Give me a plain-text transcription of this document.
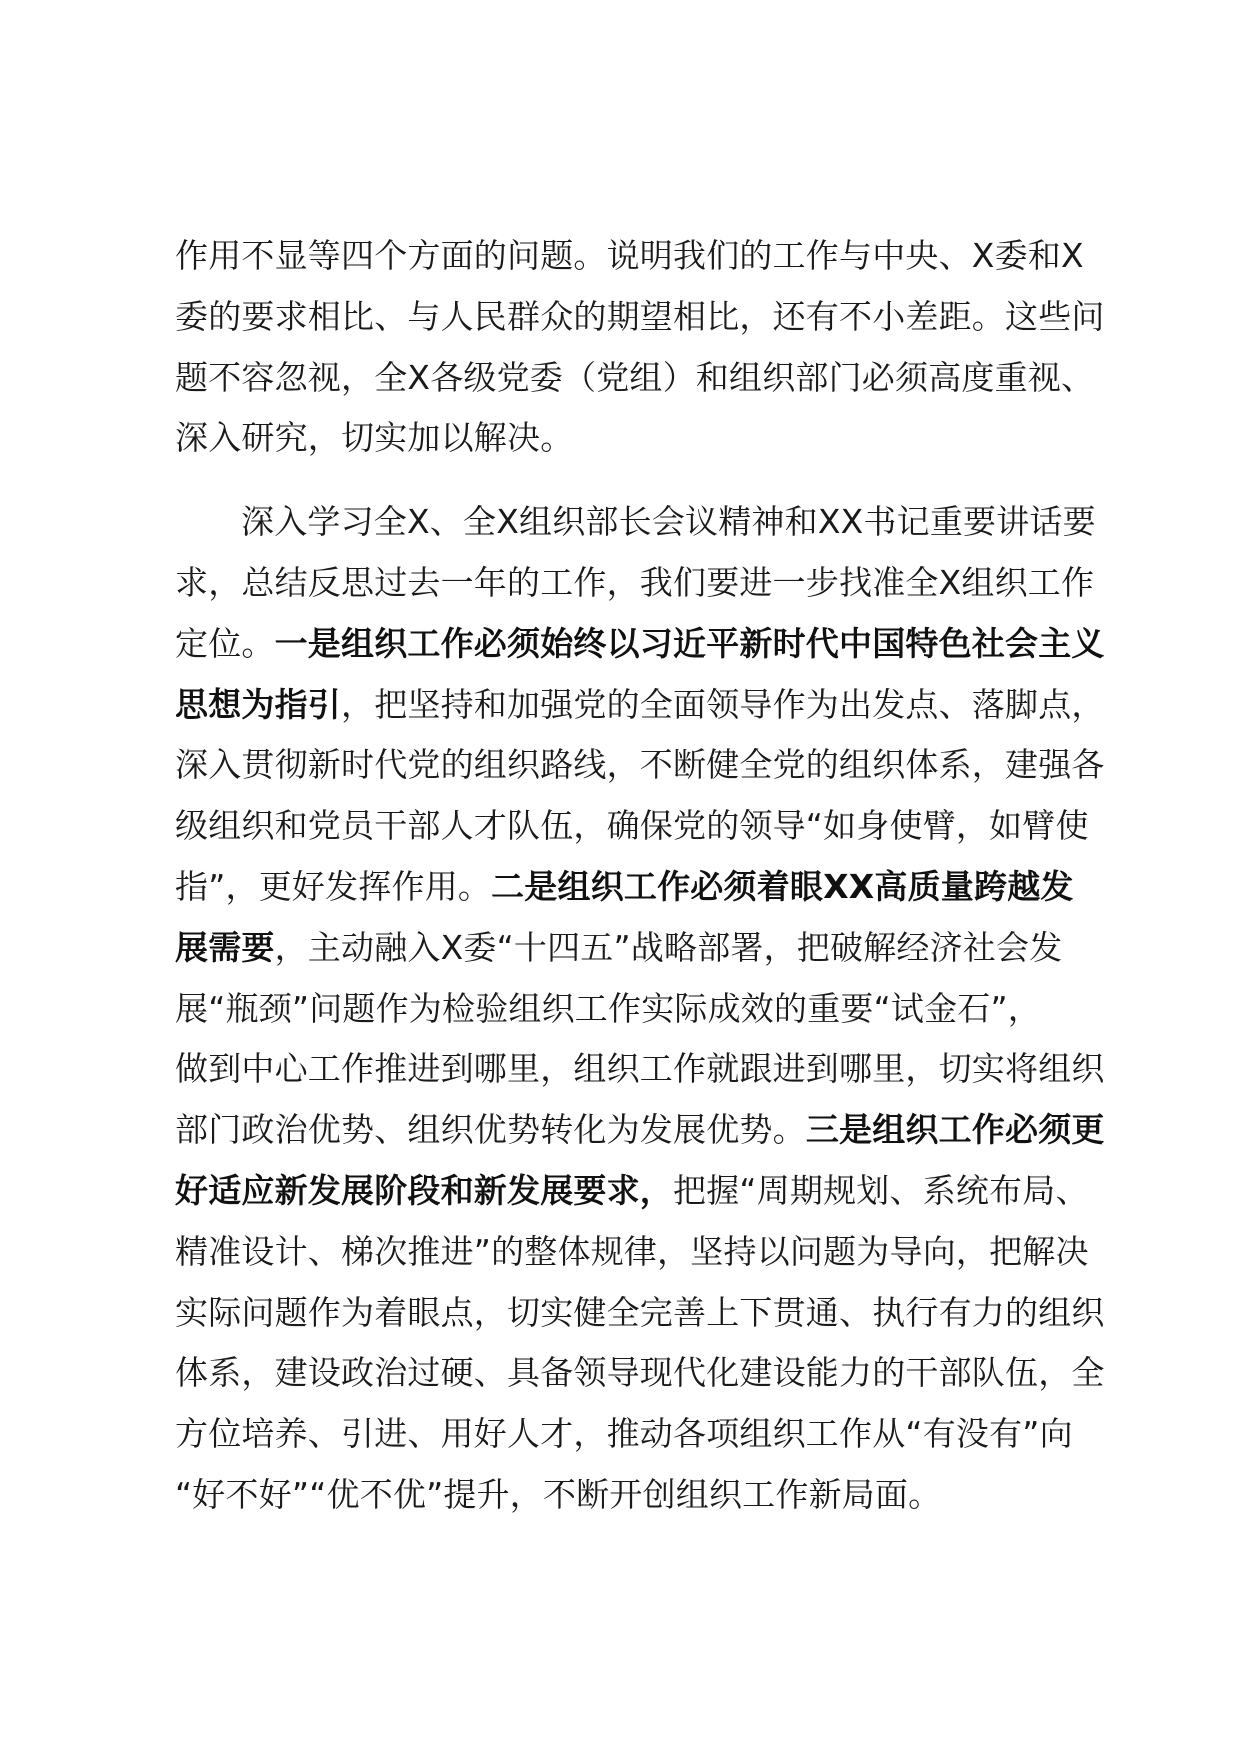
作用不显等四个方面的问题。说明我们的工作与中央、X委和X
委的要求相比、与人民群众的期望相比，还有不小差距。这些问
题不容忽视，全X各级党委（党组）和组织部门必须高度重视、
深入研究，切实加以解决。
深入学习全X、全X组织部长会议精神和XX书记重要讲话要
求，总结反思过去一年的工作，我们要进一步找准全X组织工作
定位。一是组织工作必须始终以习近平新时代中国特色社会主义
思想为指引，把坚持和加强党的全面领导作为出发点、落脚点，
深入贯彻新时代党的组织路线，不断健全党的组织体系，建强各
级组织和党员干部人才队伍，确保党的领导“如身使臂，如臂使
指”，更好发挥作用。二是组织工作必须着眼XX高质量跨越发
展需要，主动融入X委“十四五”战略部署，把破解经济社会发
展“瓶颈”问题作为检验组织工作实际成效的重要“试金石”，
做到中心工作推进到哪里，组织工作就跟进到哪里，切实将组织
部门政治优势、组织优势转化为发展优势。三是组织工作必须更
好适应新发展阶段和新发展要求，把握“周期规划、系统布局、
精准设计、梯次推进”的整体规律，坚持以问题为导向，把解决
实际问题作为着眼点，切实健全完善上下贯通、执行有力的组织
体系，建设政治过硬、具备领导现代化建设能力的干部队伍，全
方位培养、引进、用好人才，推动各项组织工作从“有没有”向
“好不好”“优不优”提升，不断开创组织工作新局面。
